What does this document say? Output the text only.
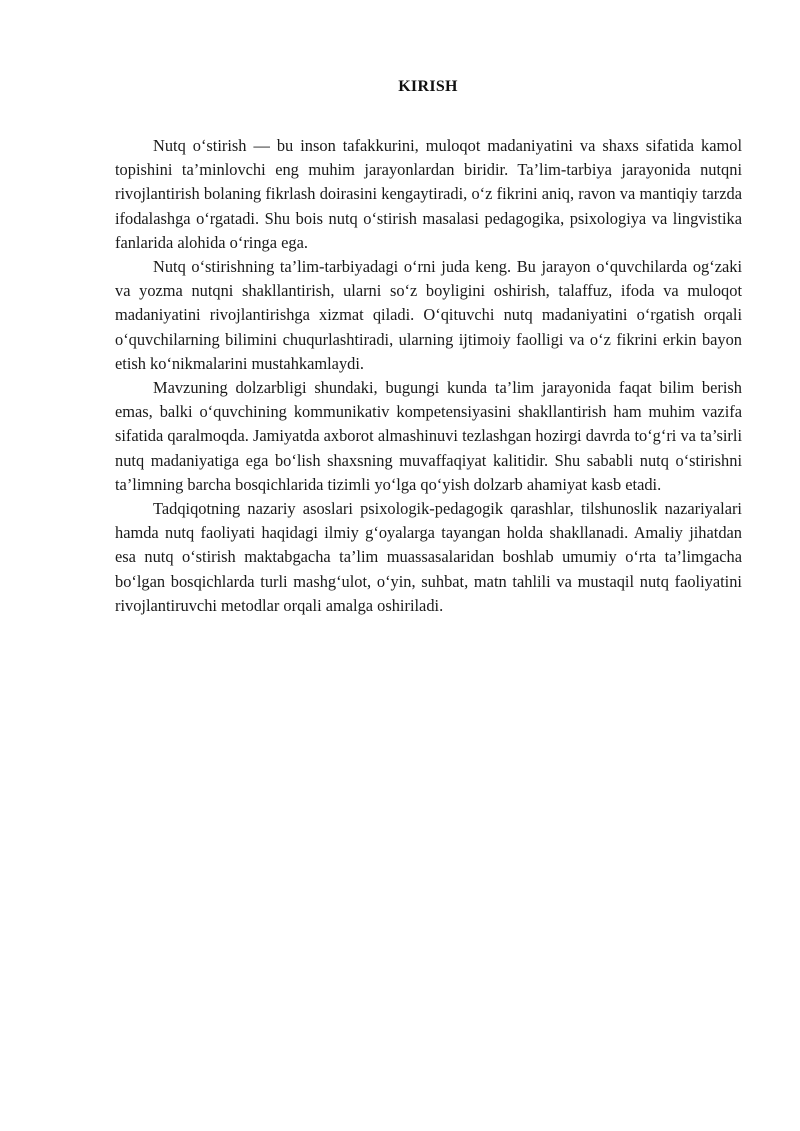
KIRISH

Nutq o‘stirish — bu inson tafakkurini, muloqot madaniyatini va shaxs sifatida kamol topishini ta’minlovchi eng muhim jarayonlardan biridir. Ta’lim-tarbiya jarayonida nutqni rivojlantirish bolaning fikrlash doirasini kengaytiradi, o‘z fikrini aniq, ravon va mantiqiy tarzda ifodalashga o‘rgatadi. Shu bois nutq o‘stirish masalasi pedagogika, psixologiya va lingvistika fanlarida alohida o‘ringa ega.

Nutq o‘stirishning ta’lim-tarbiyadagi o‘rni juda keng. Bu jarayon o‘quvchilarda og‘zaki va yozma nutqni shakllantirish, ularni so‘z boyligini oshirish, talaffuz, ifoda va muloqot madaniyatini rivojlantirishga xizmat qiladi. O‘qituvchi nutq madaniyatini o‘rgatish orqali o‘quvchilarning bilimini chuqurlashtiradi, ularning ijtimoiy faolligi va o‘z fikrini erkin bayon etish ko‘nikmalarini mustahkamlaydi.

Mavzuning dolzarbligi shundaki, bugungi kunda ta’lim jarayonida faqat bilim berish emas, balki o‘quvchining kommunikativ kompetensiyasini shakllantirish ham muhim vazifa sifatida qaralmoqda. Jamiyatda axborot almashinuvi tezlashgan hozirgi davrda to‘g‘ri va ta’sirli nutq madaniyatiga ega bo‘lish shaxsning muvaffaqiyat kalitidir. Shu sababli nutq o‘stirishni ta’limning barcha bosqichlarida tizimli yo‘lga qo‘yish dolzarb ahamiyat kasb etadi.

Tadqiqotning nazariy asoslari psixologik-pedagogik qarashlar, tilshunoslik nazariyalari hamda nutq faoliyati haqidagi ilmiy g‘oyalarga tayangan holda shakllanadi. Amaliy jihatdan esa nutq o‘stirish maktabgacha ta’lim muassasalaridan boshlab umumiy o‘rta ta’limgacha bo‘lgan bosqichlarda turli mashg‘ulot, o‘yin, suhbat, matn tahlili va mustaqil nutq faoliyatini rivojlantiruvchi metodlar orqali amalga oshiriladi.
